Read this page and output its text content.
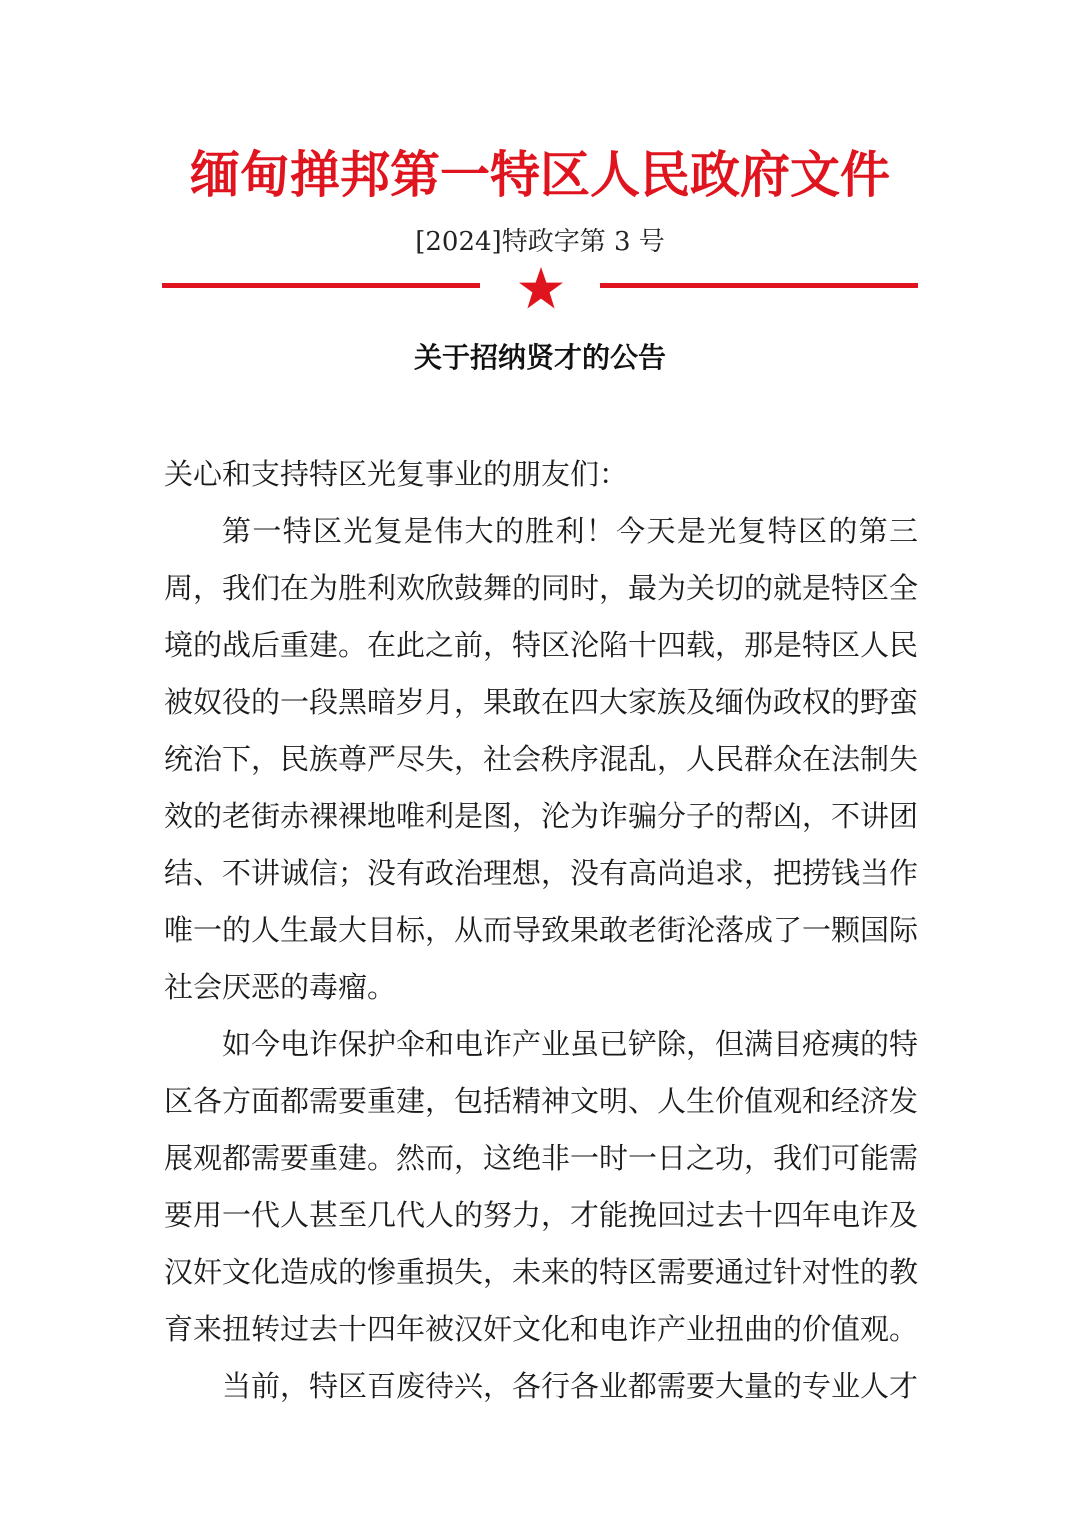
缅甸掸邦第一特区人民政府文件
[2024]特政字第 3 号
关于招纳贤才的公告

关心和支持特区光复事业的朋友们：

第一特区光复是伟大的胜利！今天是光复特区的第三周，我们在为胜利欢欣鼓舞的同时，最为关切的就是特区全境的战后重建。在此之前，特区沦陷十四载，那是特区人民被奴役的一段黑暗岁月，果敢在四大家族及缅伪政权的野蛮统治下，民族尊严尽失，社会秩序混乱，人民群众在法制失效的老街赤裸裸地唯利是图，沦为诈骗分子的帮凶，不讲团结、不讲诚信；没有政治理想，没有高尚追求，把捞钱当作唯一的人生最大目标，从而导致果敢老街沦落成了一颗国际社会厌恶的毒瘤。

如今电诈保护伞和电诈产业虽已铲除，但满目疮痍的特区各方面都需要重建，包括精神文明、人生价值观和经济发展观都需要重建。然而，这绝非一时一日之功，我们可能需要用一代人甚至几代人的努力，才能挽回过去十四年电诈及汉奸文化造成的惨重损失，未来的特区需要通过针对性的教育来扭转过去十四年被汉奸文化和电诈产业扭曲的价值观。

当前，特区百废待兴，各行各业都需要大量的专业人才
